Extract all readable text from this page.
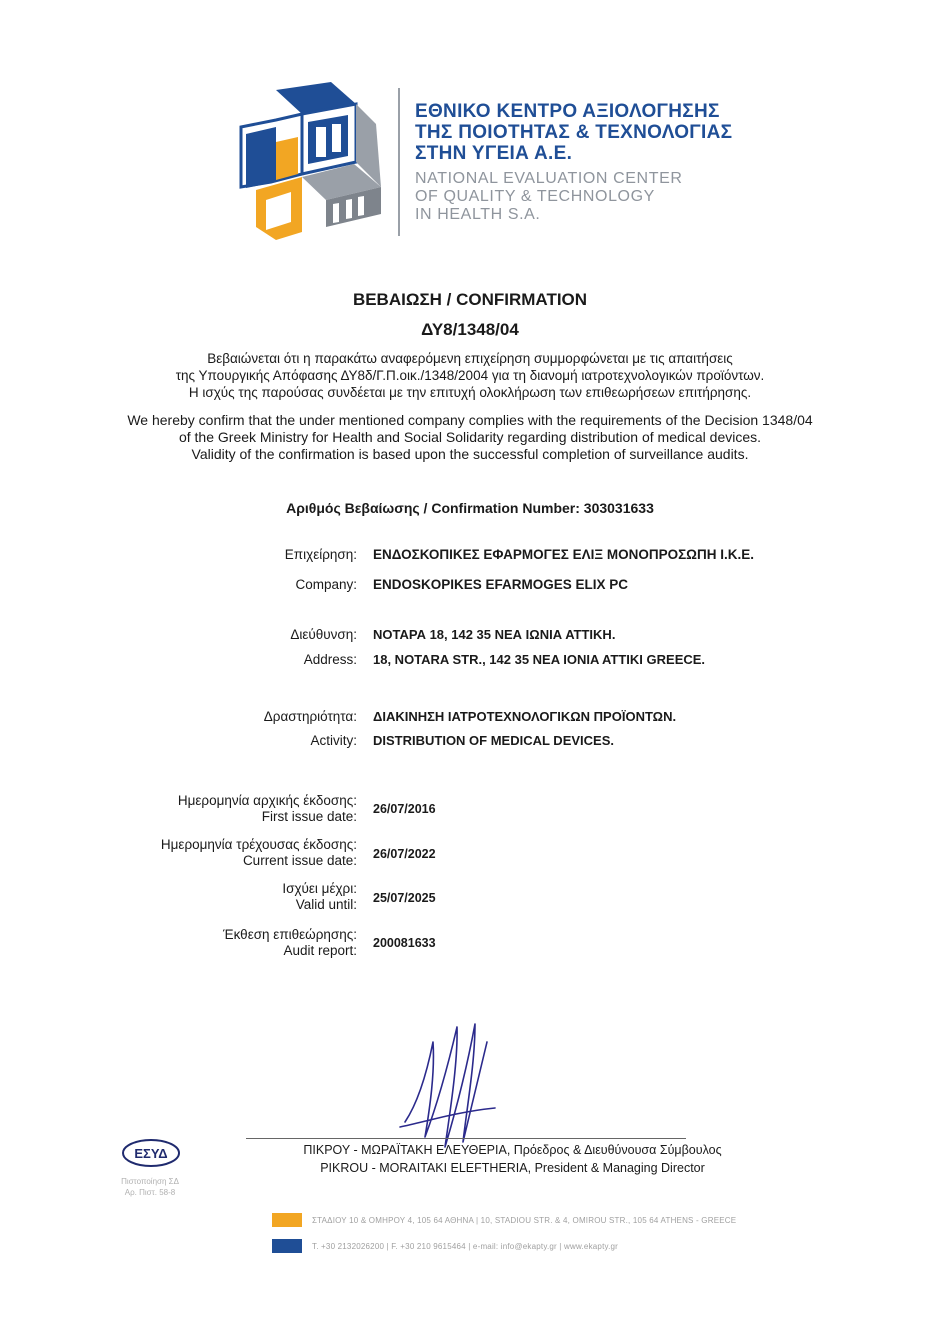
ΕΘΝΙΚΟ ΚΕΝΤΡΟ ΑΞΙΟΛΟΓΗΣΗΣ
ΤΗΣ ΠΟΙΟΤΗΤΑΣ & ΤΕΧΝΟΛΟΓΙΑΣ
ΣΤΗΝ ΥΓΕΙΑ Α.Ε.
NATIONAL EVALUATION CENTER
OF QUALITY & TECHNOLOGY
IN HEALTH S.A.
ΒΕΒΑΙΩΣΗ / CONFIRMATION
ΔΥ8/1348/04
Βεβαιώνεται ότι η παρακάτω αναφερόμενη επιχείρηση συμμορφώνεται με τις απαιτήσεις
της Υπουργικής Απόφασης ΔΥ8δ/Γ.Π.οικ./1348/2004 για τη διανομή ιατροτεχνολογικών προϊόντων.
Η ισχύς της παρούσας συνδέεται με την επιτυχή ολοκλήρωση των επιθεωρήσεων επιτήρησης.
We hereby confirm that the under mentioned company complies with the requirements of the Decision 1348/04
of the Greek Ministry for Health and Social Solidarity regarding distribution of medical devices.
Validity of the confirmation is based upon the successful completion of surveillance audits.
Αριθμός Βεβαίωσης / Confirmation Number: 303031633
Επιχείρηση: ΕΝΔΟΣΚΟΠΙΚΕΣ ΕΦΑΡΜΟΓΕΣ ΕΛΙΞ ΜΟΝΟΠΡΟΣΩΠΗ Ι.Κ.Ε.
Company: ENDOSKOPIKES EFARMOGES ELIX PC
Διεύθυνση: ΝΟΤΑΡΑ 18, 142 35 ΝΕΑ ΙΩΝΙΑ ΑΤΤΙΚΗ.
Address: 18, NOTARA STR., 142 35 NEA IONIA ATTIKI GREECE.
Δραστηριότητα: ΔΙΑΚΙΝΗΣΗ ΙΑΤΡΟΤΕΧΝΟΛΟΓΙΚΩΝ ΠΡΟΪΟΝΤΩΝ.
Activity: DISTRIBUTION OF MEDICAL DEVICES.
Ημερομηνία αρχικής έκδοσης:
First issue date: 26/07/2016
Ημερομηνία τρέχουσας έκδοσης:
Current issue date: 26/07/2022
Ισχύει μέχρι:
Valid until: 25/07/2025
Έκθεση επιθεώρησης:
Audit report: 200081633
ΠΙΚΡΟΥ - ΜΩΡΑΪΤΑΚΗ ΕΛΕΥΘΕΡΙΑ, Πρόεδρος & Διευθύνουσα Σύμβουλος
PIKROU - MORAITAKI ELEFTHERIA, President & Managing Director
ΕΣΥΔ
Πιστοποίηση ΣΔ
Αρ. Πιστ. 58-8
ΣΤΑΔΙΟΥ 10 & ΟΜΗΡΟΥ 4, 105 64 ΑΘΗΝΑ | 10, STADIOU STR. & 4, OMIROU STR., 105 64 ATHENS - GREECE
T. +30 2132026200 | F. +30 210 9615464 | e-mail: info@ekapty.gr | www.ekapty.gr
